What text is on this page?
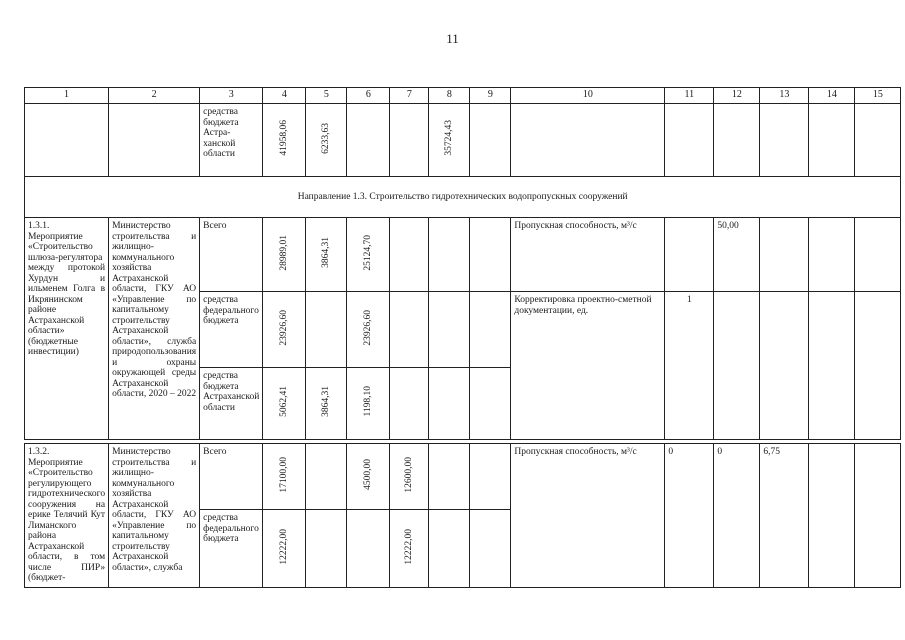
11
1	2	3	4	5	6	7	8	9	10	11	12	13	14	15
		средства бюджета Астра-ханской области	41958,06	6233,63			35724,43							
Направление 1.3. Строительство гидротехнических водопропускных сооружений														
1.3.1. Мероприятие «Строительство шлюза-регулятора между протокой Хурдун и ильменем Голга в Икрянинском районе Астраханской области» (бюджетные инвестиции)	Министерство строительства и жилищно-коммунального хозяйства Астраханской области, ГКУ АО «Управление по капитальному строительству Астраханской области», служба природопользования и охраны окружающей среды Астраханской области, 2020 – 2022	Всего	28989,01	3864,31	25124,70				Пропускная способность, м³/с		50,00			
		средства федерального бюджета	23926,60		23926,60				Корректировка проектно-сметной документации, ед.	1				
		средства бюджета Астраханской области	5062,41	3864,31	1198,10									

1.3.2. Мероприятие «Строительство регулирующего гидротехнического сооружения на ерике Телячий Кут Лиманского района Астраханской области, в том числе ПИР» (бюджет-	Министерство строительства и жилищно-коммунального хозяйства Астраханской области, ГКУ АО «Управление по капитальному строительству Астраханской области», служба	Всего	17100,00		4500,00	12600,00			Пропускная способность, м³/с	0	0	6,75		
		средства федерального бюджета	12222,00			12222,00								
